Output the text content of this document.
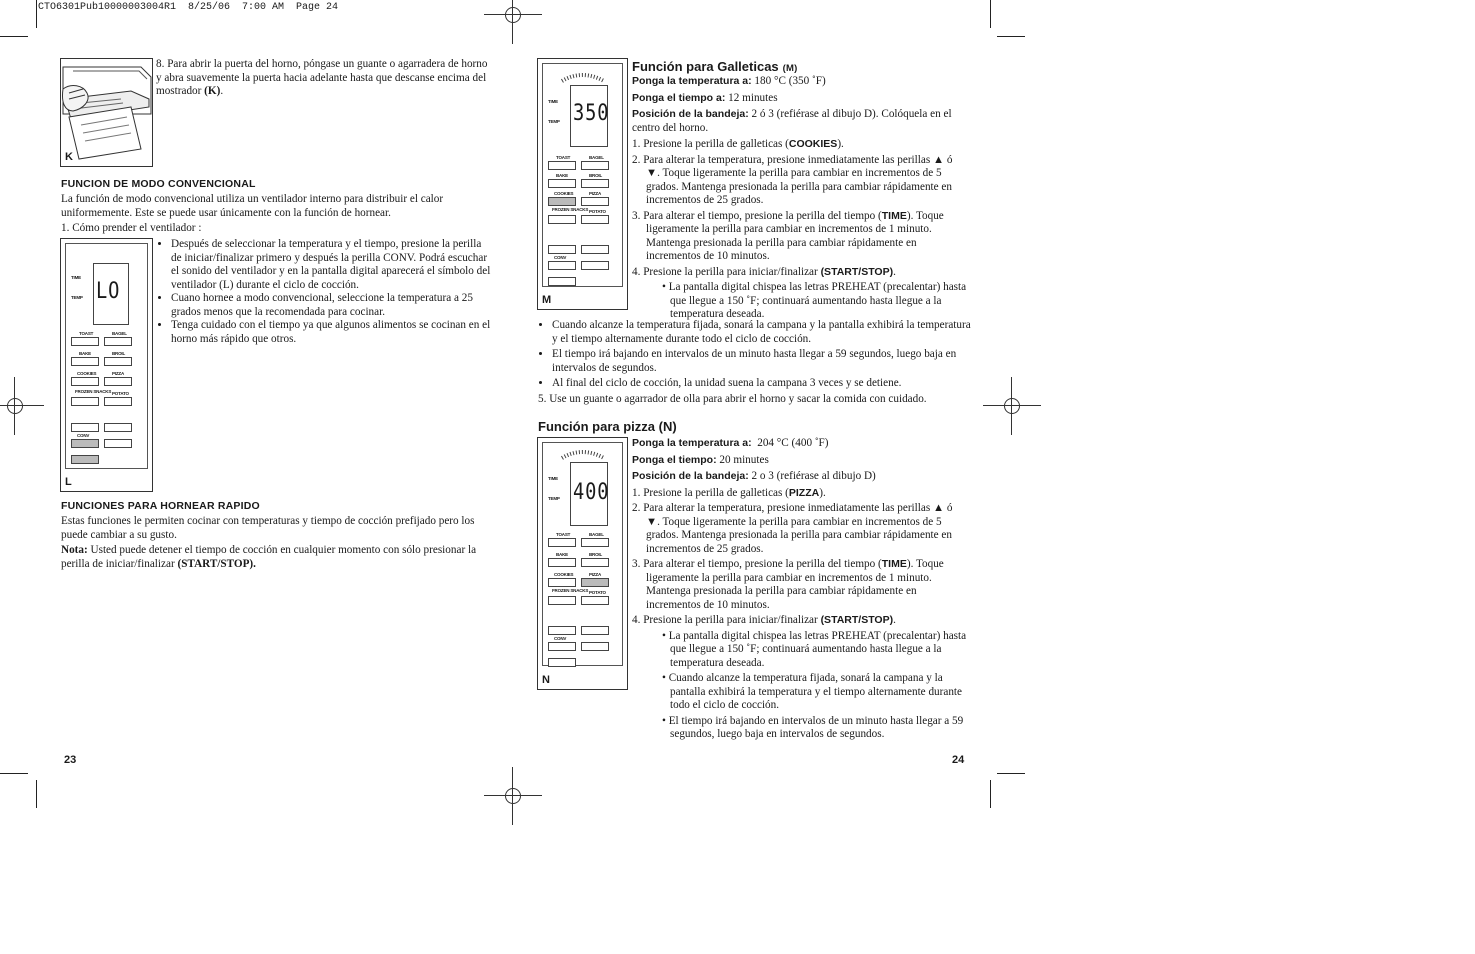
CTO6301Pub10000003004R1  8/25/06  7:00 AM  Page 24
K
8. Para abrir la puerta del horno, póngase un guante o agarradera de horno y abra suavemente la puerta hacia adelante hasta que descanse encima del mostrador (K).
FUNCION DE MODO CONVENCIONAL
La función de modo convencional utiliza un ventilador interno para distribuir el calor uniformemente. Este se puede usar únicamente con la función de hornear.
1. Cómo prender el ventilador :
LO
TIME
TEMP
TOAST	BAGEL
BAKE	BROIL
COOKIES	PIZZA
FROZEN SNACKS POTATO
CONV
L
• Después de seleccionar la temperatura y el tiempo, presione la perilla de iniciar/finalizar primero y después la perilla CONV. Podrá escuchar el sonido del ventilador y en la pantalla digital aparecerá el símbolo del ventilador (L) durante el ciclo de cocción.
• Cuano hornee a modo convencional, seleccione la temperatura a 25 grados menos que la recomendada para cocinar.
• Tenga cuidado con el tiempo ya que algunos alimentos se cocinan en el horno más rápido que otros.
FUNCIONES PARA HORNEAR RAPIDO
Estas funciones le permiten cocinar con temperaturas y tiempo de cocción prefijado pero los puede cambiar a su gusto.
Nota: Usted puede detener el tiempo de cocción en cualquier momento con sólo presionar la perilla de iniciar/finalizar (START/STOP).
23
350
TIME
TEMP
TOAST	BAGEL
BAKE	BROIL
COOKIES	PIZZA
FROZEN SNACKS POTATO
CONV
M
Función para Galleticas (M)
Ponga la temperatura a: 180 °C (350 ˚F)
Ponga el tiempo a: 12 minutes
Posición de la bandeja: 2 ó 3 (refiérase al dibujo D). Colóquela en el centro del horno.
1. Presione la perilla de galleticas (COOKIES).
2. Para alterar la temperatura, presione inmediatamente las perillas ▲ ó ▼. Toque ligeramente la perilla para cambiar en incrementos de 5 grados. Mantenga presionada la perilla para cambiar rápidamente en incrementos de 25 grados.
3. Para alterar el tiempo, presione la perilla del tiempo (TIME). Toque ligeramente la perilla para cambiar en incrementos de 1 minuto. Mantenga presionada la perilla para cambiar rápidamente en incrementos de 10 minutos.
4. Presione la perilla para iniciar/finalizar (START/STOP).
• La pantalla digital chispea las letras PREHEAT (precalentar) hasta que llegue a 150 ˚F; continuará aumentando hasta llegue a la temperatura deseada.
• Cuando alcanze la temperatura fijada, sonará la campana y la pantalla exhibirá la temperatura y el tiempo alternamente durante todo el ciclo de cocción.
• El tiempo irá bajando en intervalos de un minuto hasta llegar a 59 segundos, luego baja en intervalos de segundos.
• Al final del ciclo de cocción, la unidad suena la campana 3 veces y se detiene.
5. Use un guante o agarrador de olla para abrir el horno y sacar la comida con cuidado.
Función para pizza (N)
400
TIME
TEMP
TOAST	BAGEL
BAKE	BROIL
COOKIES	PIZZA
FROZEN SNACKS POTATO
CONV
N
Ponga la temperatura a: 204 °C (400 ˚F)
Ponga el tiempo: 20 minutes
Posición de la bandeja: 2 o 3 (refiérase al dibujo D)
1. Presione la perilla de galleticas (PIZZA).
2. Para alterar la temperatura, presione inmediatamente las perillas ▲ ó ▼. Toque ligeramente la perilla para cambiar en incrementos de 5 grados. Mantenga presionada la perilla para cambiar rápidamente en incrementos de 25 grados.
3. Para alterar el tiempo, presione la perilla del tiempo (TIME). Toque ligeramente la perilla para cambiar en incrementos de 1 minuto. Mantenga presionada la perilla para cambiar rápidamente en incrementos de 10 minutos.
4. Presione la perilla para iniciar/finalizar (START/STOP).
• La pantalla digital chispea las letras PREHEAT (precalentar) hasta que llegue a 150 ˚F; continuará aumentando hasta llegue a la temperatura deseada.
• Cuando alcanze la temperatura fijada, sonará la campana y la pantalla exhibirá la temperatura y el tiempo alternamente durante todo el ciclo de cocción.
• El tiempo irá bajando en intervalos de un minuto hasta llegar a 59 segundos, luego baja en intervalos de segundos.
24
